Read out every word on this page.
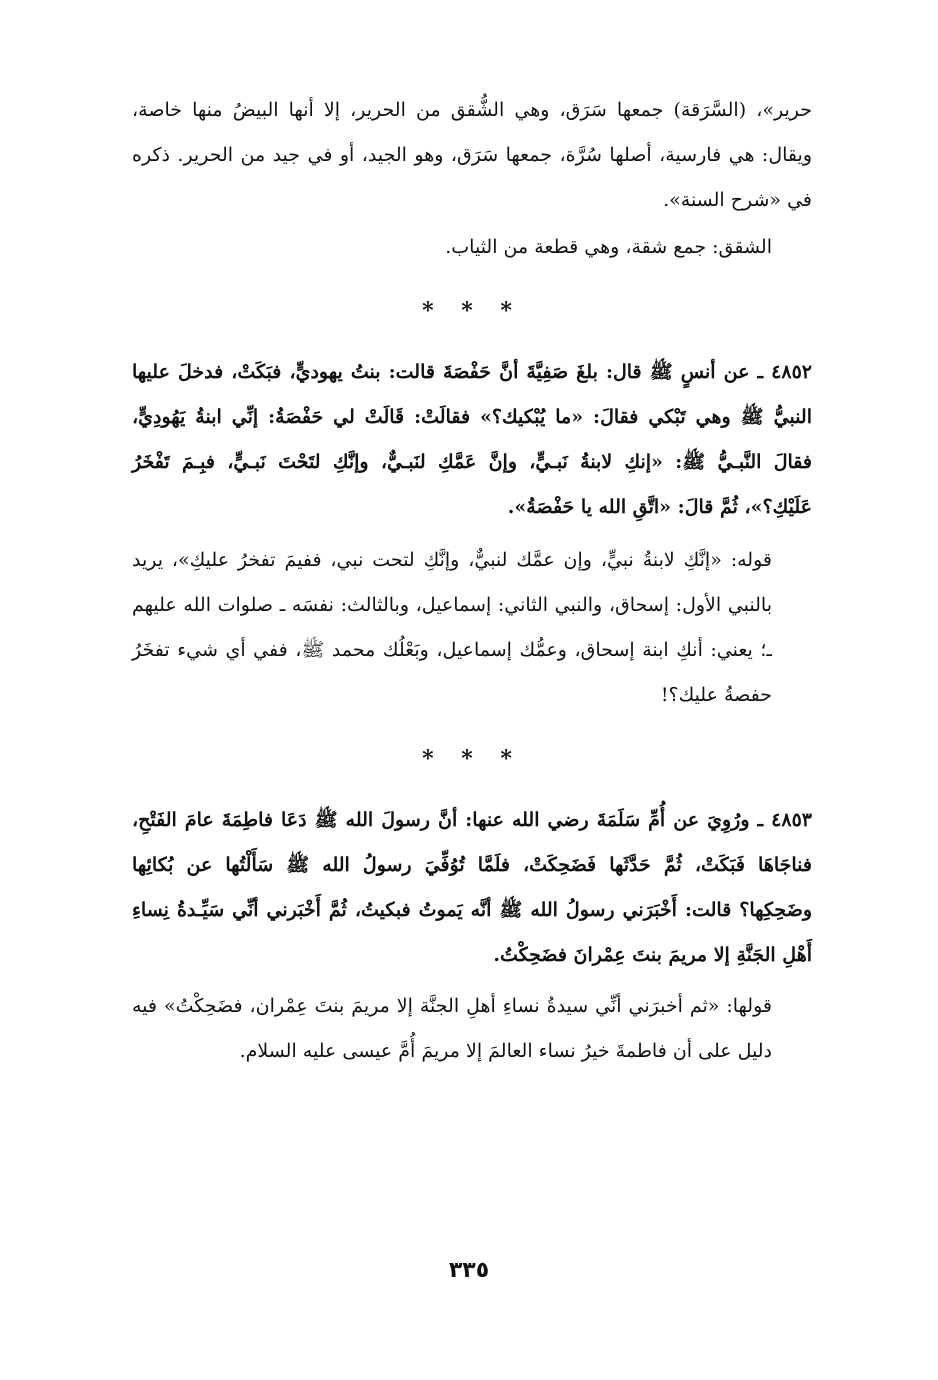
حرير»، (السَّرَقة) جمعها سَرَق، وهي الشُّقق من الحرير، إلا أنها البيضُ منها خاصة، ويقال: هي فارسية، أصلها سُرَّة، جمعها سَرَق، وهو الجيد، أو في جيد من الحرير. ذكره في «شرح السنة».

الشقق: جمع شقة، وهي قطعة من الثياب.

* * *

٤٨٥٢ ـ عن أنسٍ ﷺ قال: بلغَ صَفِيَّةَ أنَّ حَفْصَةَ قالت: بنتُ يهوديٍّ، فبَكَتْ، فدخلَ عليها النبيُّ ﷺ وهي تَبْكي فقالَ: «ما يُبْكيك؟» فقالَتْ: قَالَتْ لي حَفْصَةُ: إنِّي ابنةُ يَهُودِيٍّ، فقالَ النَّبـيُّ ﷺ: «إنكِ لابنةُ نَبـيٍّ، وإنَّ عَمَّكِ لنَبـيٌّ، وإنَّكِ لتَحْتَ نَبـيٍّ، فبِـمَ تَفْخَرُ عَلَيْكِ؟»، ثُمَّ قالَ: «اتَّقِ الله يا حَفْصَةُ».

قوله: «إنَّكِ لابنةُ نبيٍّ، وإن عمَّك لنبيٌّ، وإنَّكِ لتحت نبي، ففيمَ تفخرُ عليكِ»، يريد بالنبي الأول: إسحاق، والنبي الثاني: إسماعيل، وبالثالث: نفسَه ـ صلوات الله عليهم ـ؛ يعني: أنكِ ابنة إسحاق، وعمُّك إسماعيل، وبَعْلُك محمد ﷺ، ففي أي شيء تفخَرُ حفصةُ عليك؟!

* * *

٤٨٥٣ ـ ورُوِيَ عن أُمِّ سَلَمَةَ رضي الله عنها: أنَّ رسولَ الله ﷺ دَعَا فاطِمَةَ عامَ الفَتْحِ، فناجَاهَا فَبَكَتْ، ثُمَّ حَدَّثَها فَضَحِكَتْ، فلَمَّا تُوُفِّيَ رسولُ الله ﷺ سَأَلْتُها عن بُكائِها وضَحِكِها؟ قالت: أَخْبَرَني رسولُ الله ﷺ أنَّه يَموتُ فبكيتُ، ثُمَّ أَخْبَرني أنِّي سَيِّـدةُ نِساءِ أَهْلِ الجَنَّةِ إلا مريمَ بنتَ عِمْرانَ فضَحِكْتُ.

قولها: «ثم أخبرَني أنِّي سيدةُ نساءِ أهلِ الجنَّة إلا مريمَ بنتَ عِمْران، فضَحِكْتُ» فيه دليل على أن فاطمةَ خيرُ نساء العالمَ إلا مريمَ أُمَّ عيسى عليه السلام.

٣٣٥
